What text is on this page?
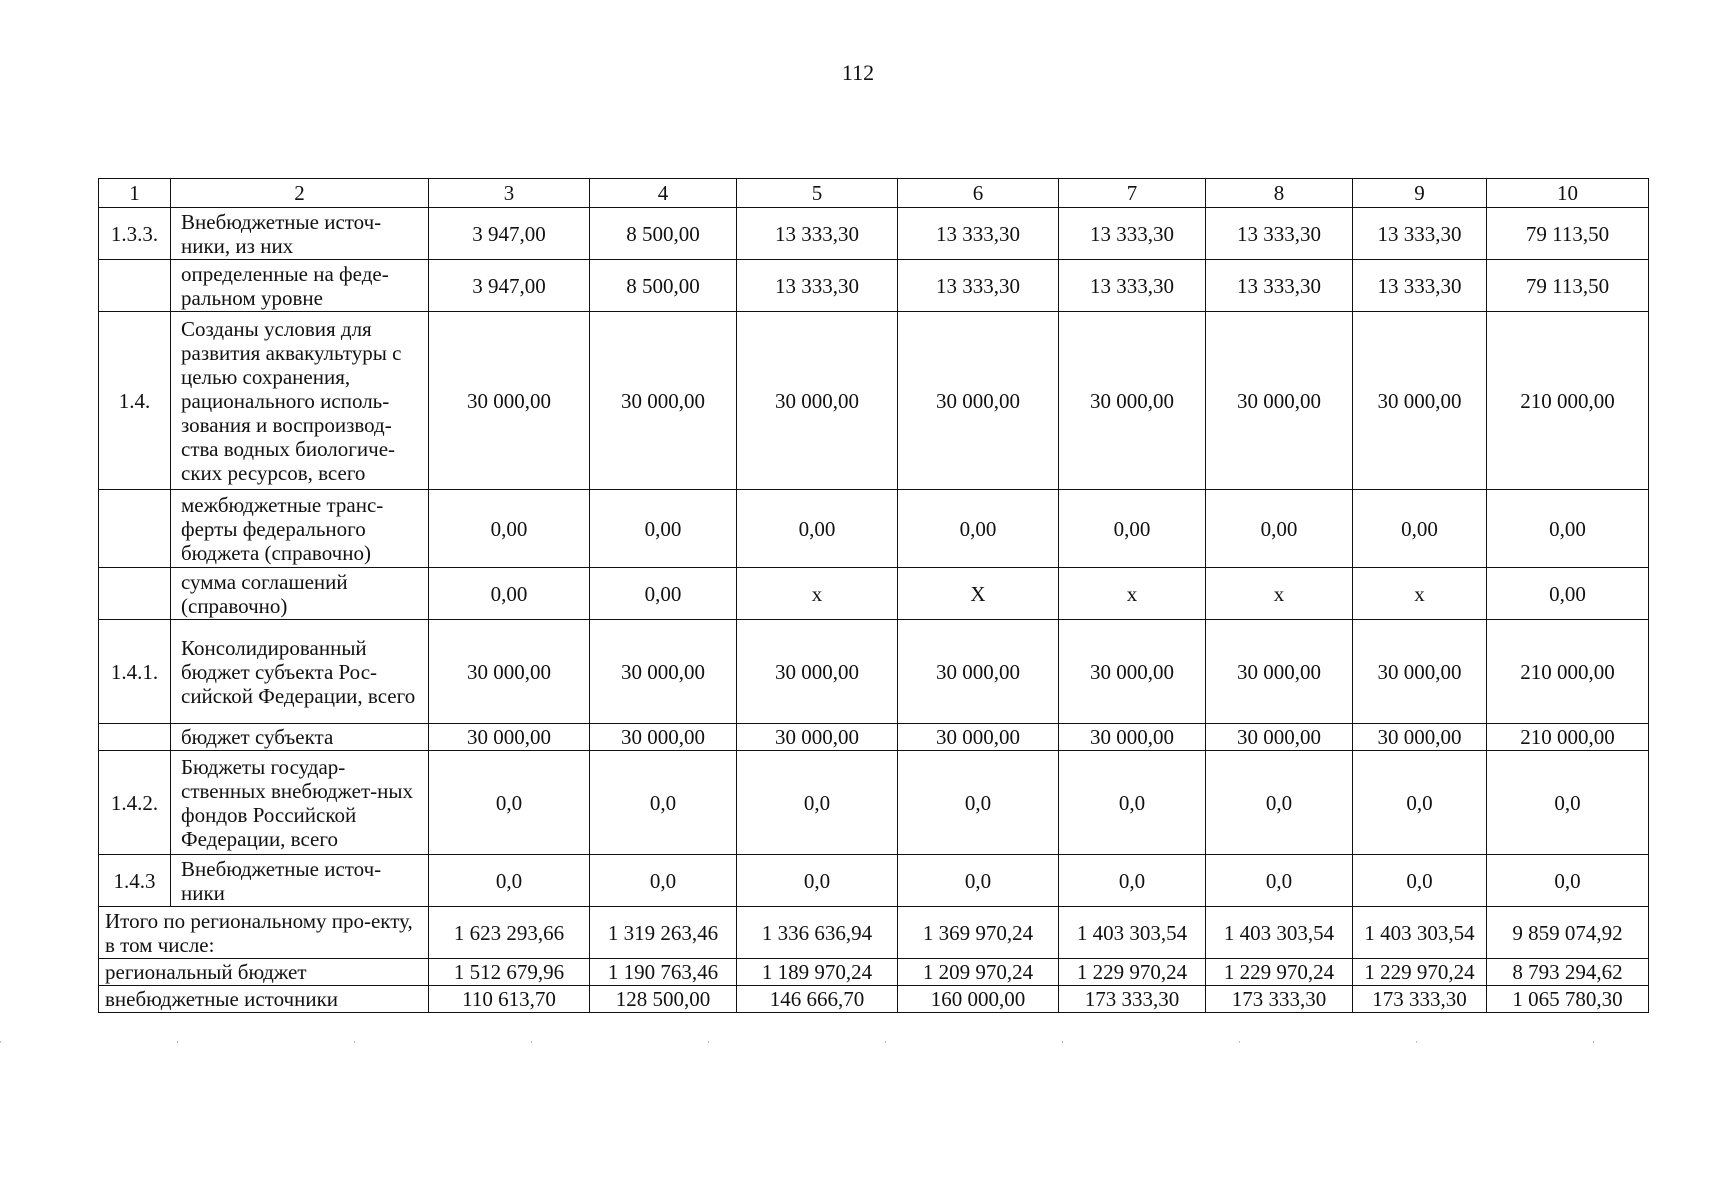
112
1	2	3	4	5	6	7	8	9	10
1.3.3.	Внебюджетные источ-ники, из них	3 947,00	8 500,00	13 333,30	13 333,30	13 333,30	13 333,30	13 333,30	79 113,50
	определенные на феде-ральном уровне	3 947,00	8 500,00	13 333,30	13 333,30	13 333,30	13 333,30	13 333,30	79 113,50
1.4.	Созданы условия для развития аквакультуры с целью сохранения, рационального исполь-зования и воспроизвод-ства водных биологиче-ских ресурсов, всего	30 000,00	30 000,00	30 000,00	30 000,00	30 000,00	30 000,00	30 000,00	210 000,00
	межбюджетные транс-ферты федерального бюджета (справочно)	0,00	0,00	0,00	0,00	0,00	0,00	0,00	0,00
	сумма соглашений (справочно)	0,00	0,00	х	Х	х	х	х	0,00
1.4.1.	Консолидированный бюджет субъекта Рос-сийской Федерации, всего	30 000,00	30 000,00	30 000,00	30 000,00	30 000,00	30 000,00	30 000,00	210 000,00
	бюджет субъекта	30 000,00	30 000,00	30 000,00	30 000,00	30 000,00	30 000,00	30 000,00	210 000,00
1.4.2.	Бюджеты государ-ственных внебюджет-ных фондов Российской Федерации, всего	0,0	0,0	0,0	0,0	0,0	0,0	0,0	0,0
1.4.3	Внебюджетные источ-ники	0,0	0,0	0,0	0,0	0,0	0,0	0,0	0,0
Итого по региональному про-екту, в том числе:		1 623 293,66	1 319 263,46	1 336 636,94	1 369 970,24	1 403 303,54	1 403 303,54	1 403 303,54	9 859 074,92
региональный бюджет		1 512 679,96	1 190 763,46	1 189 970,24	1 209 970,24	1 229 970,24	1 229 970,24	1 229 970,24	8 793 294,62
внебюджетные источники		110 613,70	128 500,00	146 666,70	160 000,00	173 333,30	173 333,30	173 333,30	1 065 780,30
